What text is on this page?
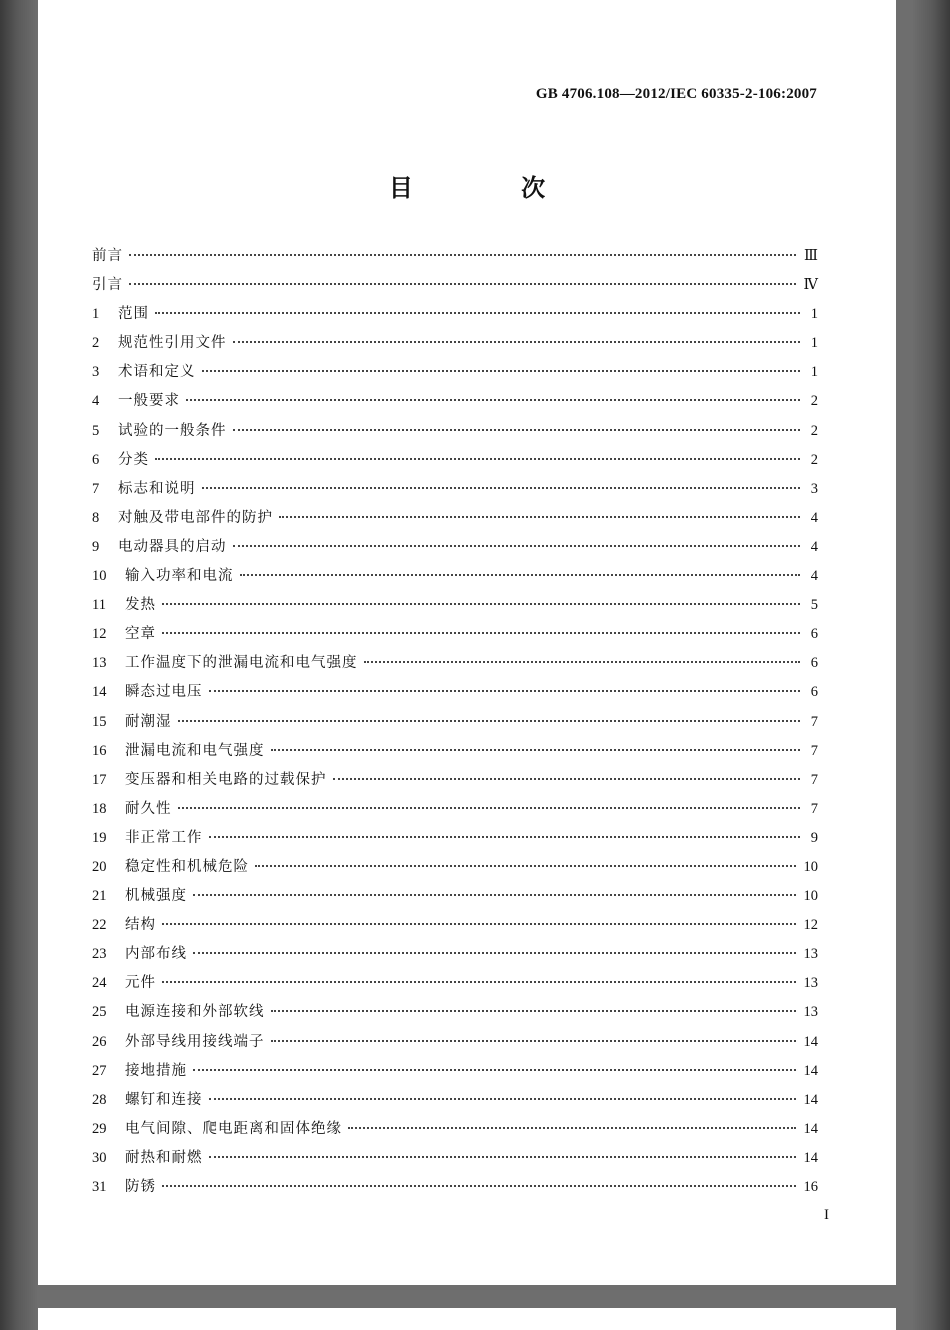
GB 4706.108—2012/IEC 60335-2-106:2007
目 次
前言	Ⅲ
引言	Ⅳ
1	范围	1
2	规范性引用文件	1
3	术语和定义	1
4	一般要求	2
5	试验的一般条件	2
6	分类	2
7	标志和说明	3
8	对触及带电部件的防护	4
9	电动器具的启动	4
10	输入功率和电流	4
11	发热	5
12	空章	6
13	工作温度下的泄漏电流和电气强度	6
14	瞬态过电压	6
15	耐潮湿	7
16	泄漏电流和电气强度	7
17	变压器和相关电路的过载保护	7
18	耐久性	7
19	非正常工作	9
20	稳定性和机械危险	10
21	机械强度	10
22	结构	12
23	内部布线	13
24	元件	13
25	电源连接和外部软线	13
26	外部导线用接线端子	14
27	接地措施	14
28	螺钉和连接	14
29	电气间隙、爬电距离和固体绝缘	14
30	耐热和耐燃	14
31	防锈	16
I
